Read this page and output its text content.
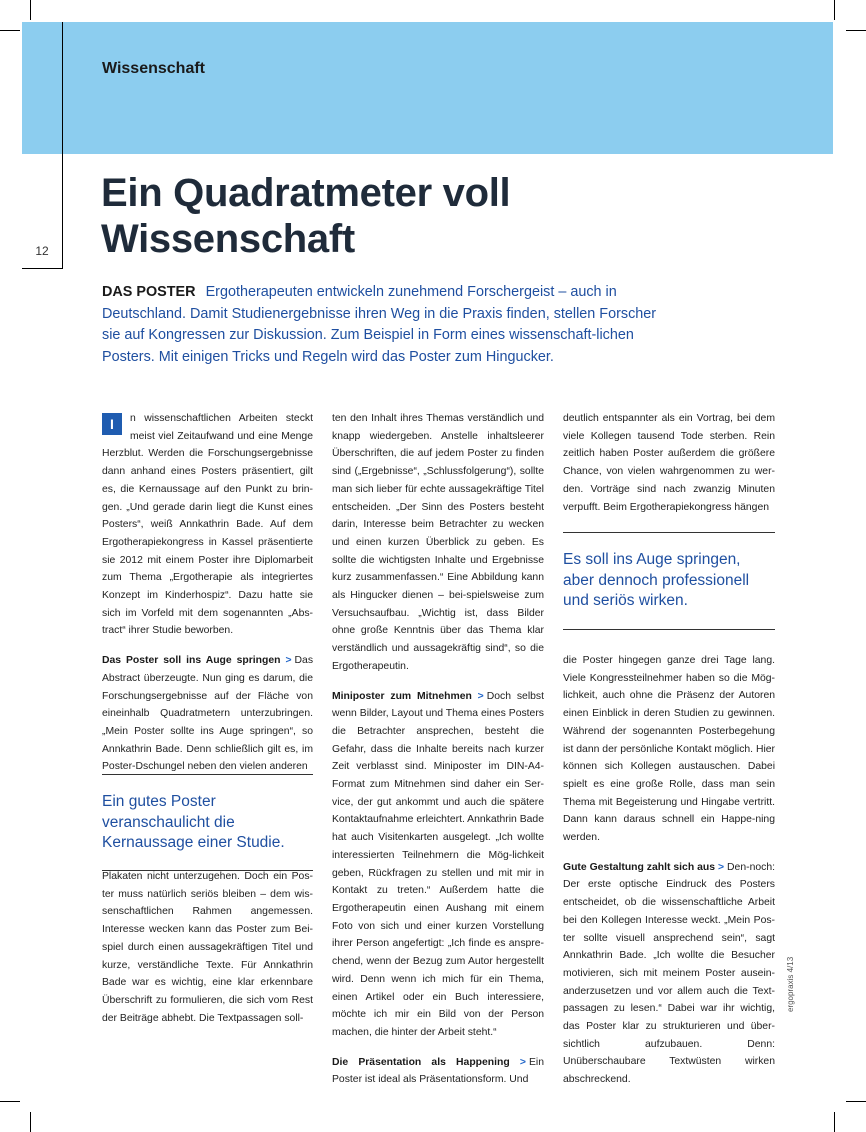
Wissenschaft
12
Ein Quadratmeter voll
Wissenschaft
DAS POSTER Ergotherapeuten entwickeln zunehmend Forschergeist – auch in Deutschland. Damit Studienergebnisse ihren Weg in die Praxis finden, stellen Forscher sie auf Kongressen zur Diskussion. Zum Beispiel in Form eines wissenschaft-lichen Posters. Mit einigen Tricks und Regeln wird das Poster zum Hingucker.

I	n wissenschaftlichen Arbeiten steckt meist viel Zeitaufwand und eine Menge Herzblut. Werden die Forschungsergebnisse dann anhand eines Posters präsentiert, gilt es, die Kernaussage auf den Punkt zu brin-gen. „Und gerade darin liegt die Kunst eines Posters“, weiß Annkathrin Bade. Auf dem Ergotherapiekongress in Kassel präsentierte sie 2012 mit einem Poster ihre Diplomarbeit zum Thema „Ergotherapie als integriertes Konzept im Kinderhospiz“. Dazu hatte sie sich im Vorfeld mit dem sogenannten „Abs-tract“ ihrer Studie beworben.

Das Poster soll ins Auge springen > Das Abstract überzeugte. Nun ging es darum, die Forschungsergebnisse auf der Fläche von eineinhalb Quadratmetern unterzubringen. „Mein Poster sollte ins Auge springen“, so Annkathrin Bade. Denn schließlich gilt es, im Poster-Dschungel neben den vielen anderen

Ein gutes Poster veranschaulicht die Kernaussage einer Studie.

Plakaten nicht unterzugehen. Doch ein Pos-ter muss natürlich seriös bleiben – dem wis-senschaftlichen Rahmen angemessen. Interesse wecken kann das Poster zum Bei-spiel durch einen aussagekräftigen Titel und kurze, verständliche Texte. Für Annkathrin Bade war es wichtig, eine klar erkennbare Überschrift zu formulieren, die sich vom Rest der Beiträge abhebt. Die Textpassagen soll-

ten den Inhalt ihres Themas verständlich und knapp wiedergeben. Anstelle inhaltsleerer Überschriften, die auf jedem Poster zu finden sind („Ergebnisse“, „Schlussfolgerung“), sollte man sich lieber für echte aussagekräftige Titel entscheiden. „Der Sinn des Posters besteht darin, Interesse beim Betrachter zu wecken und einen kurzen Überblick zu geben. Es sollte die wichtigsten Inhalte und Ergebnisse kurz zusammenfassen.“ Eine Abbildung kann als Hingucker dienen – bei-spielsweise zum Versuchsaufbau. „Wichtig ist, dass Bilder ohne große Kenntnis über das Thema klar verständlich und aussagekräftig sind“, so die Ergotherapeutin.

Miniposter zum Mitnehmen > Doch selbst wenn Bilder, Layout und Thema eines Posters die Betrachter ansprechen, besteht die Gefahr, dass die Inhalte bereits nach kurzer Zeit verblasst sind. Miniposter im DIN-A4-Format zum Mitnehmen sind daher ein Ser-vice, der gut ankommt und auch die spätere Kontaktaufnahme erleichtert. Annkathrin Bade hat auch Visitenkarten ausgelegt. „Ich wollte interessierten Teilnehmern die Mög-lichkeit geben, Rückfragen zu stellen und mit mir in Kontakt zu treten.“ Außerdem hatte die Ergotherapeutin einen Aushang mit einem Foto von sich und einer kurzen Vorstellung ihrer Person angefertigt: „Ich finde es anspre-chend, wenn der Bezug zum Autor hergestellt wird. Denn wenn ich mich für ein Thema, einen Artikel oder ein Buch interessiere, möchte ich mir ein Bild von der Person machen, die hinter der Arbeit steht.“

Die Präsentation als Happening > Ein Poster ist ideal als Präsentationsform. Und

deutlich entspannter als ein Vortrag, bei dem viele Kollegen tausend Tode sterben. Rein zeitlich haben Poster außerdem die größere Chance, von vielen wahrgenommen zu wer-den. Vorträge sind nach zwanzig Minuten verpufft. Beim Ergotherapiekongress hängen

Es soll ins Auge springen, aber dennoch professionell und seriös wirken.

die Poster hingegen ganze drei Tage lang. Viele Kongressteilnehmer haben so die Mög-lichkeit, auch ohne die Präsenz der Autoren einen Einblick in deren Studien zu gewinnen. Während der sogenannten Posterbegehung ist dann der persönliche Kontakt möglich. Hier können sich Kollegen austauschen. Dabei spielt es eine große Rolle, dass man sein Thema mit Begeisterung und Hingabe vertritt. Dann kann daraus schnell ein Happe-ning werden.

Gute Gestaltung zahlt sich aus > Den-noch: Der erste optische Eindruck des Posters entscheidet, ob die wissenschaftliche Arbeit bei den Kollegen Interesse weckt. „Mein Pos-ter sollte visuell ansprechend sein“, sagt Annkathrin Bade. „Ich wollte die Besucher motivieren, sich mit meinem Poster ausein-anderzusetzen und vor allem auch die Text-passagen zu lesen.“ Dabei war ihr wichtig, das Poster klar zu strukturieren und über-sichtlich aufzubauen. Denn: Unüberschaubare Textwüsten wirken abschreckend.

ergopraxis 4/13
